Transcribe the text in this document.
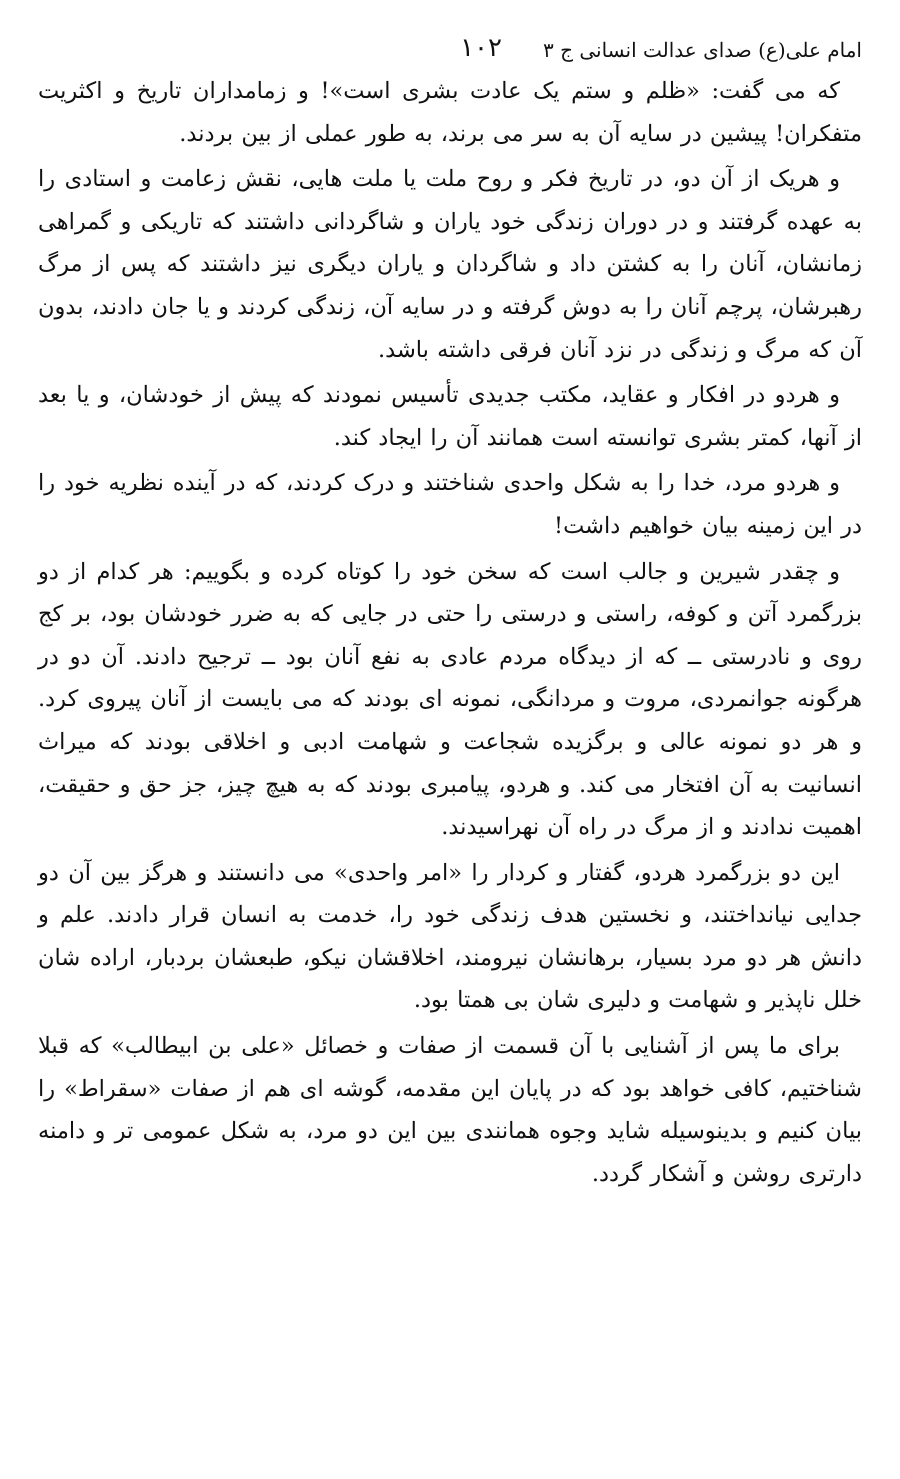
امام علی(ع) صدای عدالت انسانی ج ۳
۱۰۲

که می گفت: «ظلم و ستم یک عادت بشری است»! و زمامداران تاریخ و اکثریت متفکران! پیشین در سایه آن به سر می برند، به طور عملی از بین بردند.

و هریک از آن دو، در تاریخ فکر و روح ملت یا ملت هایی، نقش زعامت و استادی را به عهده گرفتند و در دوران زندگی خود یاران و شاگردانی داشتند که تاریکی و گمراهی زمانشان، آنان را به کشتن داد و شاگردان و یاران دیگری نیز داشتند که پس از مرگ رهبرشان، پرچم آنان را به دوش گرفته و در سایه آن، زندگی کردند و یا جان دادند، بدون آن که مرگ و زندگی در نزد آنان فرقی داشته باشد.

و هردو در افکار و عقاید، مکتب جدیدی تأسیس نمودند که پیش از خودشان، و یا بعد از آنها، کمتر بشری توانسته است همانند آن را ایجاد کند.

و هردو مرد، خدا را به شکل واحدی شناختند و درک کردند، که در آینده نظریه خود را در این زمینه بیان خواهیم داشت!

و چقدر شیرین و جالب است که سخن خود را کوتاه کرده و بگوییم: هر کدام از دو بزرگمرد آتن و کوفه، راستی و درستی را حتی در جایی که به ضرر خودشان بود، بر کج روی و نادرستی ــ که از دیدگاه مردم عادی به نفع آنان بود ــ ترجیح دادند. آن دو در هرگونه جوانمردی، مروت و مردانگی، نمونه ای بودند که می بایست از آنان پیروی کرد. و هر دو نمونه عالی و برگزیده شجاعت و شهامت ادبی و اخلاقی بودند که میراث انسانیت به آن افتخار می کند. و هردو، پیامبری بودند که به هیچ چیز، جز حق و حقیقت، اهمیت ندادند و از مرگ در راه آن نهراسیدند.

این دو بزرگمرد هردو، گفتار و کردار را «امر واحدی» می دانستند و هرگز بین آن دو جدایی نیانداختند، و نخستین هدف زندگی خود را، خدمت به انسان قرار دادند. علم و دانش هر دو مرد بسیار، برهانشان نیرومند، اخلاقشان نیکو، طبعشان بردبار، اراده شان خلل ناپذیر و شهامت و دلیری شان بی همتا بود.

برای ما پس از آشنایی با آن قسمت از صفات و خصائل «علی بن ابیطالب» که قبلا شناختیم، کافی خواهد بود که در پایان این مقدمه، گوشه ای هم از صفات «سقراط» را بیان کنیم و بدینوسیله شاید وجوه همانندی بین این دو مرد، به شکل عمومی تر و دامنه دارتری روشن و آشکار گردد.
